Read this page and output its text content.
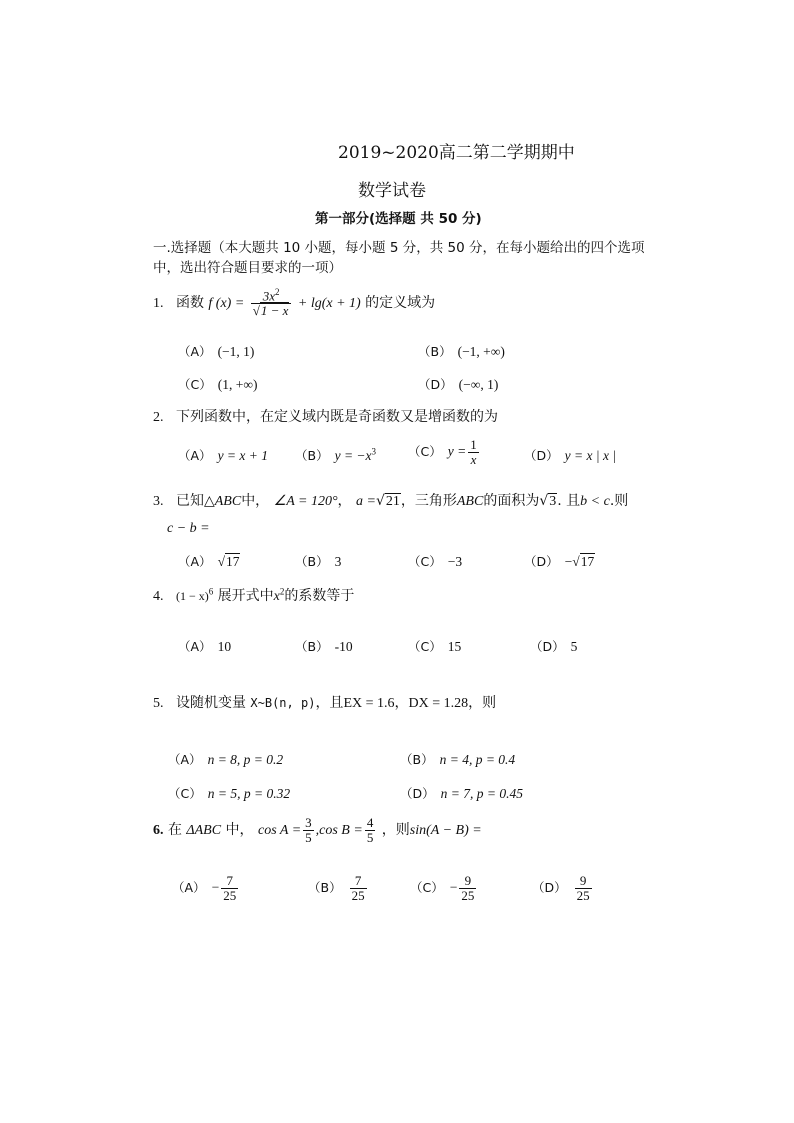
2019~2020高二第二学期期中
数学试卷
第一部分(选择题 共 50 分)
一.选择题（本大题共 10 小题，每小题 5 分，共 50 分，在每小题给出的四个选项中，选出符合题目要求的一项）
1. 函数 f $(x) = \frac{3x^2}{√1 - x} + \lg(x + 1)$ 的定义域为
（A） (−1, 1)	（B） (−1, +∞)
（C） (1, +∞)	（D） (−∞, 1)
2. 下列函数中，在定义域内既是奇函数又是增函数的为
（A） y = x + 1 （B） $y = -x^3$	（C） $y = \frac{1}{x}$	（D） y = x | x |
3. 已知△ABC中， ∠A = 120°， a =√21，三角形ABC的面积为√3. 且b < c.则
c − b =
（A） √17	（B） 3	（C） −3	（D） −√17
4. $(1 - x)^6$ 展开式中$x^2$的系数等于
（A） 10	（B） -10	（C） 15	（D） 5
5. 设随机变量 X~B(n, p)，且EX = 1.6，DX = 1.28，则
（A） n = 8, p = 0.2	（B） n = 4, p = 0.4
（C） n = 5, p = 0.32	（D） n = 7, p = 0.45
6. 在 ΔABC 中， $\cos A = \frac{3}{5} ,\cos$ $B = \frac{4}{5}$ ，则sin(A − B) =
$(A) - \frac{7}{25}$	$(B) \frac{7}{25}$	$(C) - \frac{9}{25}$	$(D) \frac{9}{25}$
